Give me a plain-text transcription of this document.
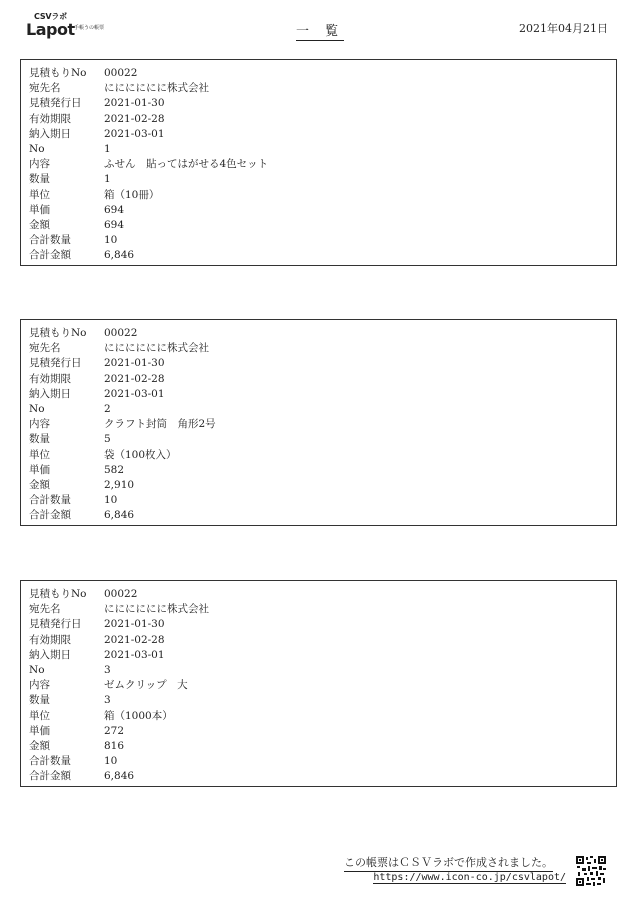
CSVラボ
Lapot 手帳うの帳票	一 覧	2021年04月21日
見積もりNo	00022
宛先名	にににににに株式会社
見積発行日	2021-01-30
有効期限	2021-02-28
納入期日	2021-03-01
No	1
内容	ふせん　貼ってはがせる4色セット
数量	1
単位	箱（10冊）
単価	694
金額	694
合計数量	10
合計金額	6,846
見積もりNo	00022
宛先名	にににににに株式会社
見積発行日	2021-01-30
有効期限	2021-02-28
納入期日	2021-03-01
No	2
内容	クラフト封筒　角形2号
数量	5
単位	袋（100枚入）
単価	582
金額	2,910
合計数量	10
合計金額	6,846
見積もりNo	00022
宛先名	にににににに株式会社
見積発行日	2021-01-30
有効期限	2021-02-28
納入期日	2021-03-01
No	3
内容	ゼムクリップ　大
数量	3
単位	箱（1000本）
単価	272
金額	816
合計数量	10
合計金額	6,846
この帳票はＣＳＶラボで作成されました。
https://www.icon-co.jp/csvlapot/
